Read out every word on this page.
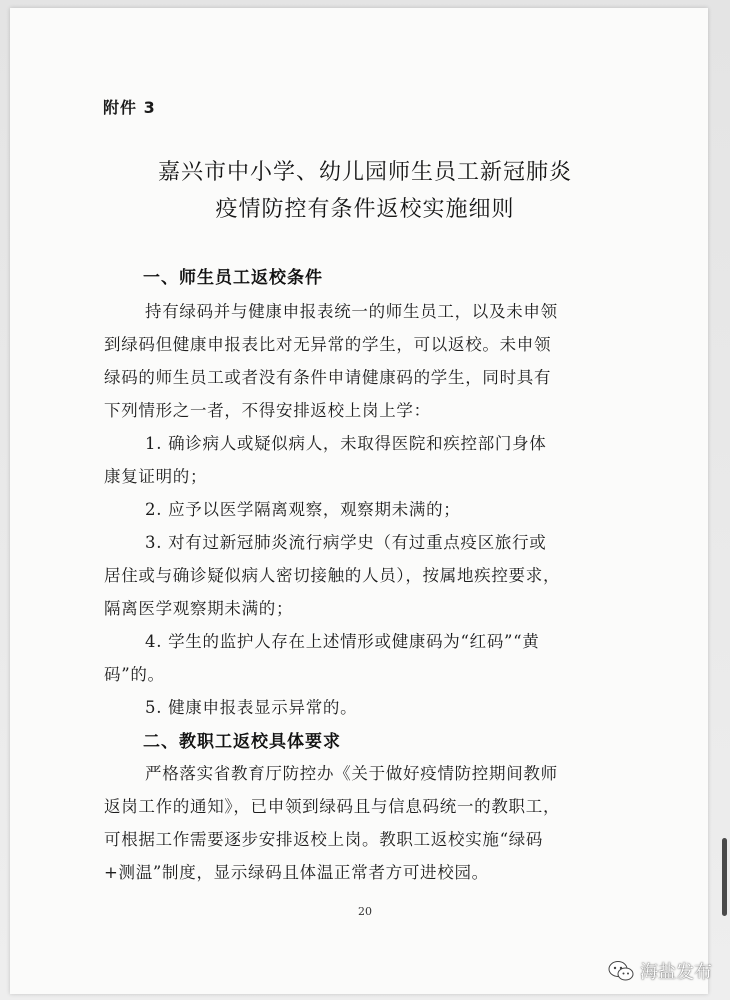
附件 3
嘉兴市中小学、幼儿园师生员工新冠肺炎
疫情防控有条件返校实施细则
一、师生员工返校条件
持有绿码并与健康申报表统一的师生员工，以及未申领
到绿码但健康申报表比对无异常的学生，可以返校。未申领
绿码的师生员工或者没有条件申请健康码的学生，同时具有
下列情形之一者，不得安排返校上岗上学：
1. 确诊病人或疑似病人，未取得医院和疾控部门身体
康复证明的；
2. 应予以医学隔离观察，观察期未满的；
3. 对有过新冠肺炎流行病学史（有过重点疫区旅行或
居住或与确诊疑似病人密切接触的人员），按属地疾控要求，
隔离医学观察期未满的；
4. 学生的监护人存在上述情形或健康码为“红码”“黄
码”的。
5. 健康申报表显示异常的。
二、教职工返校具体要求
严格落实省教育厅防控办《关于做好疫情防控期间教师
返岗工作的通知》，已申领到绿码且与信息码统一的教职工，
可根据工作需要逐步安排返校上岗。教职工返校实施“绿码
+测温”制度，显示绿码且体温正常者方可进校园。
20
海盐发布
